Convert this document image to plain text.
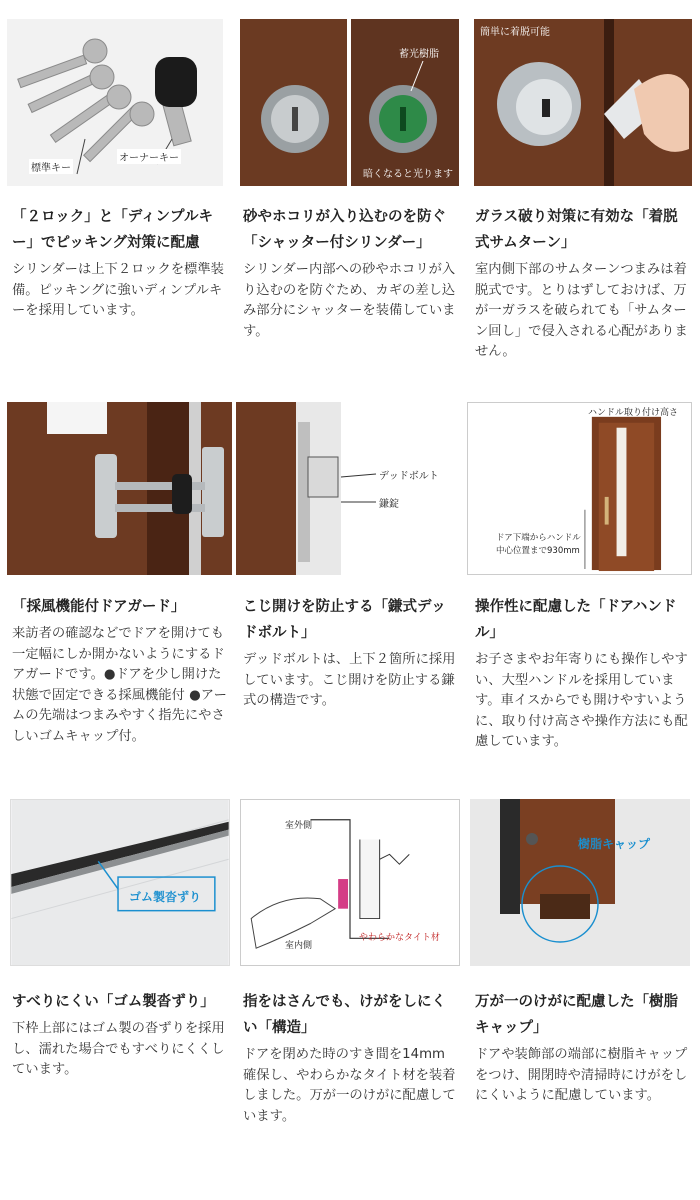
標準キー
オーナーキー
蓄光樹脂
暗くなると光ります
簡単に着脱可能

「２ロック」と「ディンプルキー」でピッキング対策に配慮

シリンダーは上下２ロックを標準装備。ピッキングに強いディンプルキーを採用しています。

砂やホコリが入り込むのを防ぐ「シャッター付シリンダー」

シリンダー内部への砂やホコリが入り込むのを防ぐため、カギの差し込み部分にシャッターを装備しています。

ガラス破り対策に有効な「着脱式サムターン」

室内側下部のサムターンつまみは着脱式です。とりはずしておけば、万が一ガラスを破られても「サムターン回し」で侵入される心配がありません。

デッドボルト
鎌錠
ハンドル取り付け高さ
ドア下端からハンドル
中心位置まで930mm

「採風機能付ドアガード」

来訪者の確認などでドアを開けても一定幅にしか開かないようにするドアガードです。●ドアを少し開けた状態で固定できる採風機能付 ●アームの先端はつまみやすく指先にやさしいゴムキャップ付。

こじ開けを防止する「鎌式デッドボルト」

デッドボルトは、上下２箇所に採用しています。こじ開けを防止する鎌式の構造です。

操作性に配慮した「ドアハンドル」

お子さまやお年寄りにも操作しやすい、大型ハンドルを採用しています。車イスからでも開けやすいように、取り付け高さや操作方法にも配慮しています。

ゴム製沓ずり
室外側
室内側
やわらかなタイト材
樹脂キャップ

すべりにくい「ゴム製沓ずり」

下枠上部にはゴム製の沓ずりを採用し、濡れた場合でもすべりにくくしています。

指をはさんでも、けがをしにくい「構造」

ドアを閉めた時のすき間を14mm確保し、やわらかなタイト材を装着しました。万が一のけがに配慮しています。

万が一のけがに配慮した「樹脂キャップ」

ドアや装飾部の端部に樹脂キャップをつけ、開閉時や清掃時にけがをしにくいように配慮しています。
